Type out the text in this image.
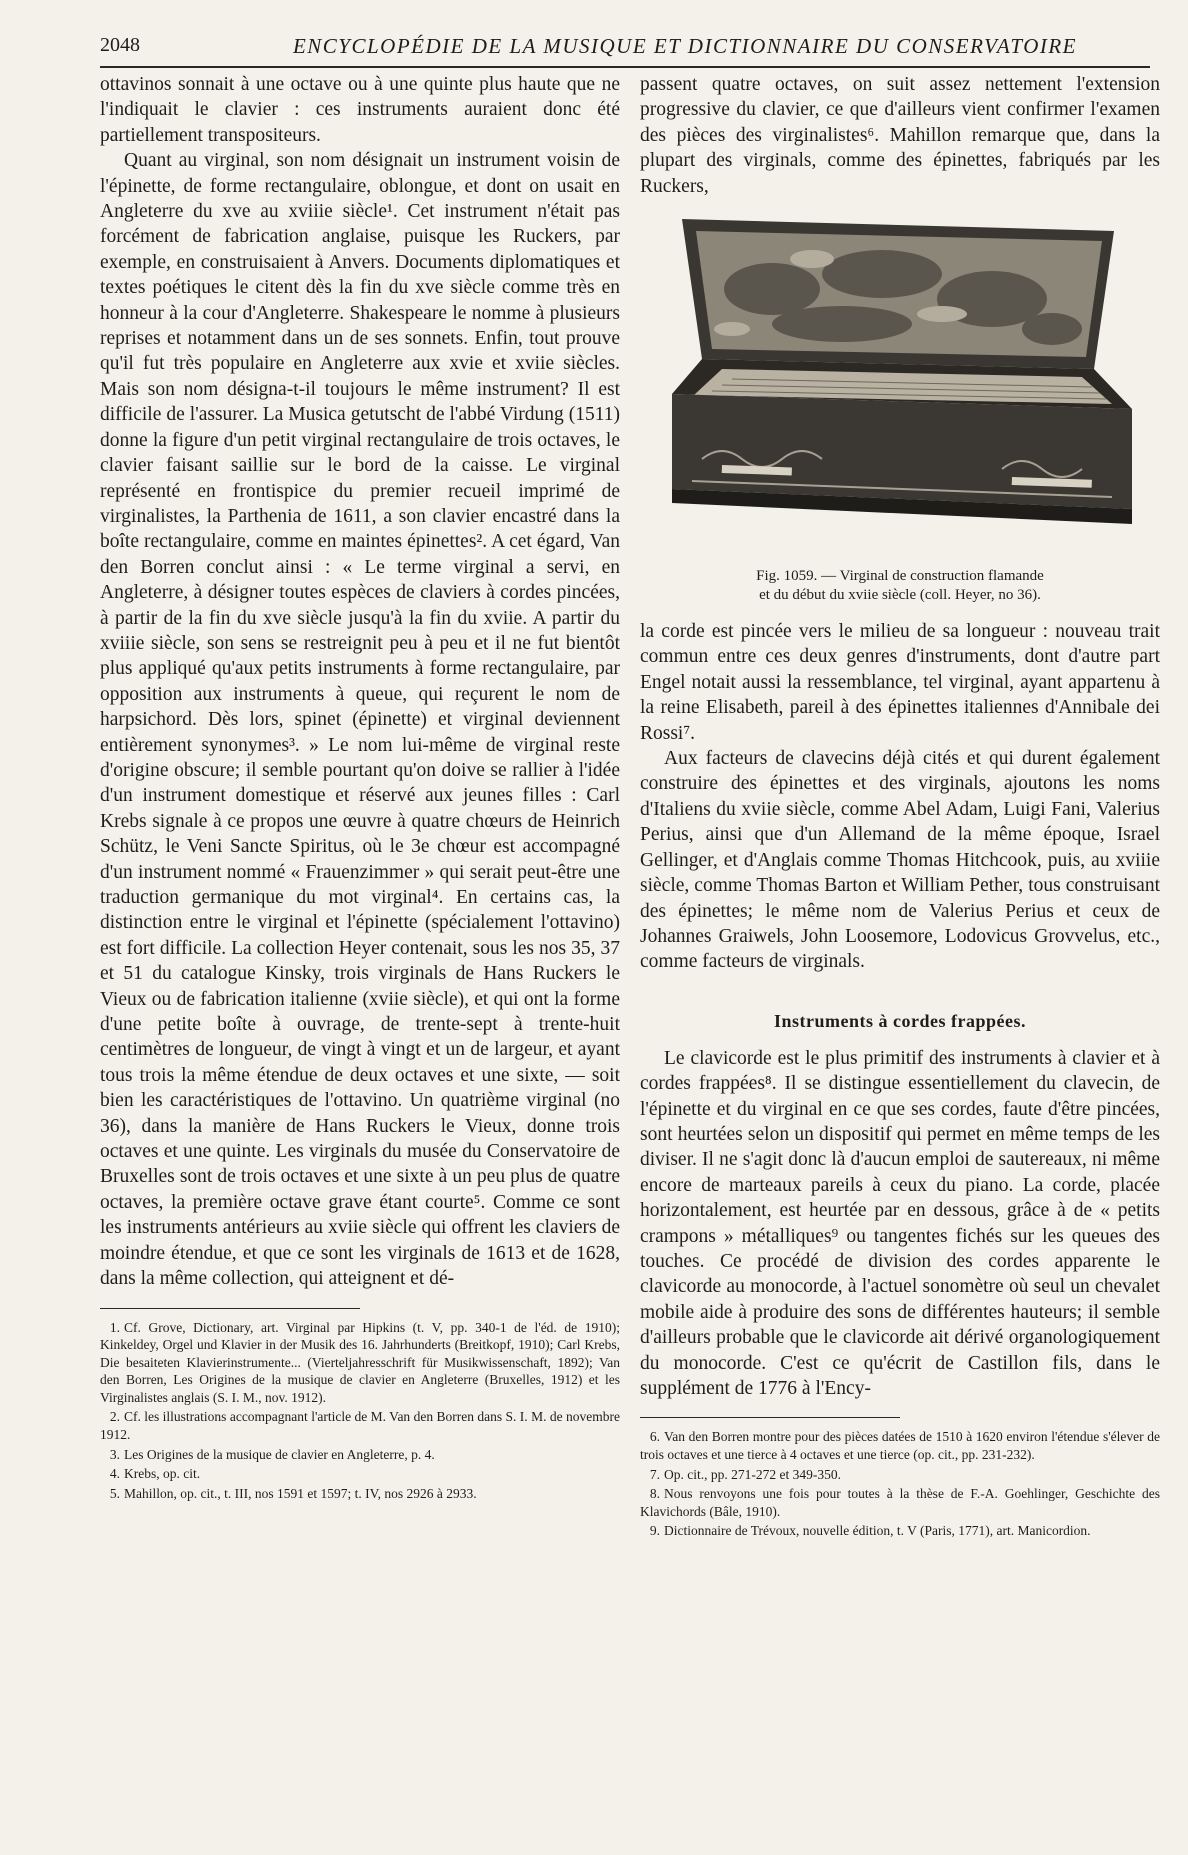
2048	ENCYCLOPÉDIE DE LA MUSIQUE ET DICTIONNAIRE DU CONSERVATOIRE

ottavinos sonnait à une octave ou à une quinte plus haute que ne l'indiquait le clavier : ces instruments auraient donc été partiellement transpositeurs.

Quant au virginal, son nom désignait un instrument voisin de l'épinette, de forme rectangulaire, oblongue, et dont on usait en Angleterre du xve au xviiie siècle¹. Cet instrument n'était pas forcément de fabrication anglaise, puisque les Ruckers, par exemple, en construisaient à Anvers. Documents diplomatiques et textes poétiques le citent dès la fin du xve siècle comme très en honneur à la cour d'Angleterre. Shakespeare le nomme à plusieurs reprises et notamment dans un de ses sonnets. Enfin, tout prouve qu'il fut très populaire en Angleterre aux xvie et xviie siècles. Mais son nom désigna-t-il toujours le même instrument? Il est difficile de l'assurer. La Musica getutscht de l'abbé Virdung (1511) donne la figure d'un petit virginal rectangulaire de trois octaves, le clavier faisant saillie sur le bord de la caisse. Le virginal représenté en frontispice du premier recueil imprimé de virginalistes, la Parthenia de 1611, a son clavier encastré dans la boîte rectangulaire, comme en maintes épinettes². A cet égard, Van den Borren conclut ainsi : « Le terme virginal a servi, en Angleterre, à désigner toutes espèces de claviers à cordes pincées, à partir de la fin du xve siècle jusqu'à la fin du xviie. A partir du xviiie siècle, son sens se restreignit peu à peu et il ne fut bientôt plus appliqué qu'aux petits instruments à forme rectangulaire, par opposition aux instruments à queue, qui reçurent le nom de harpsichord. Dès lors, spinet (épinette) et virginal deviennent entièrement synonymes³. » Le nom lui-même de virginal reste d'origine obscure; il semble pourtant qu'on doive se rallier à l'idée d'un instrument domestique et réservé aux jeunes filles : Carl Krebs signale à ce propos une œuvre à quatre chœurs de Heinrich Schütz, le Veni Sancte Spiritus, où le 3e chœur est accompagné d'un instrument nommé « Frauenzimmer » qui serait peut-être une traduction germanique du mot virginal⁴. En certains cas, la distinction entre le virginal et l'épinette (spécialement l'ottavino) est fort difficile. La collection Heyer contenait, sous les nos 35, 37 et 51 du catalogue Kinsky, trois virginals de Hans Ruckers le Vieux ou de fabrication italienne (xviie siècle), et qui ont la forme d'une petite boîte à ouvrage, de trente-sept à trente-huit centimètres de longueur, de vingt à vingt et un de largeur, et ayant tous trois la même étendue de deux octaves et une sixte, — soit bien les caractéristiques de l'ottavino. Un quatrième virginal (no 36), dans la manière de Hans Ruckers le Vieux, donne trois octaves et une quinte. Les virginals du musée du Conservatoire de Bruxelles sont de trois octaves et une sixte à un peu plus de quatre octaves, la première octave grave étant courte⁵. Comme ce sont les instruments antérieurs au xviie siècle qui offrent les claviers de moindre étendue, et que ce sont les virginals de 1613 et de 1628, dans la même collection, qui atteignent et dé-

1. Cf. Grove, Dictionary, art. Virginal par Hipkins (t. V, pp. 340-1 de l'éd. de 1910); Kinkeldey, Orgel und Klavier in der Musik des 16. Jahrhunderts (Breitkopf, 1910); Carl Krebs, Die besaiteten Klavierinstrumente... (Vierteljahresschrift für Musikwissenschaft, 1892); Van den Borren, Les Origines de la musique de clavier en Angleterre (Bruxelles, 1912) et les Virginalistes anglais (S. I. M., nov. 1912).

2. Cf. les illustrations accompagnant l'article de M. Van den Borren dans S. I. M. de novembre 1912.

3. Les Origines de la musique de clavier en Angleterre, p. 4.

4. Krebs, op. cit.

5. Mahillon, op. cit., t. III, nos 1591 et 1597; t. IV, nos 2926 à 2933.

passent quatre octaves, on suit assez nettement l'extension progressive du clavier, ce que d'ailleurs vient confirmer l'examen des pièces des virginalistes⁶. Mahillon remarque que, dans la plupart des virginals, comme des épinettes, fabriqués par les Ruckers,

Fig. 1059. — Virginal de construction flamande
et du début du xviie siècle (coll. Heyer, no 36).

la corde est pincée vers le milieu de sa longueur : nouveau trait commun entre ces deux genres d'instruments, dont d'autre part Engel notait aussi la ressemblance, tel virginal, ayant appartenu à la reine Elisabeth, pareil à des épinettes italiennes d'Annibale dei Rossi⁷.

Aux facteurs de clavecins déjà cités et qui durent également construire des épinettes et des virginals, ajoutons les noms d'Italiens du xviie siècle, comme Abel Adam, Luigi Fani, Valerius Perius, ainsi que d'un Allemand de la même époque, Israel Gellinger, et d'Anglais comme Thomas Hitchcook, puis, au xviiie siècle, comme Thomas Barton et William Pether, tous construisant des épinettes; le même nom de Valerius Perius et ceux de Johannes Graiwels, John Loosemore, Lodovicus Grovvelus, etc., comme facteurs de virginals.

Instruments à cordes frappées.

Le clavicorde est le plus primitif des instruments à clavier et à cordes frappées⁸. Il se distingue essentiellement du clavecin, de l'épinette et du virginal en ce que ses cordes, faute d'être pincées, sont heurtées selon un dispositif qui permet en même temps de les diviser. Il ne s'agit donc là d'aucun emploi de sautereaux, ni même encore de marteaux pareils à ceux du piano. La corde, placée horizontalement, est heurtée par en dessous, grâce à de « petits crampons » métalliques⁹ ou tangentes fichés sur les queues des touches. Ce procédé de division des cordes apparente le clavicorde au monocorde, à l'actuel sonomètre où seul un chevalet mobile aide à produire des sons de différentes hauteurs; il semble d'ailleurs probable que le clavicorde ait dérivé organologiquement du monocorde. C'est ce qu'écrit de Castillon fils, dans le supplément de 1776 à l'Ency-

6. Van den Borren montre pour des pièces datées de 1510 à 1620 environ l'étendue s'élever de trois octaves et une tierce à 4 octaves et une tierce (op. cit., pp. 231-232).

7. Op. cit., pp. 271-272 et 349-350.

8. Nous renvoyons une fois pour toutes à la thèse de F.-A. Goehlinger, Geschichte des Klavichords (Bâle, 1910).

9. Dictionnaire de Trévoux, nouvelle édition, t. V (Paris, 1771), art. Manicordion.
